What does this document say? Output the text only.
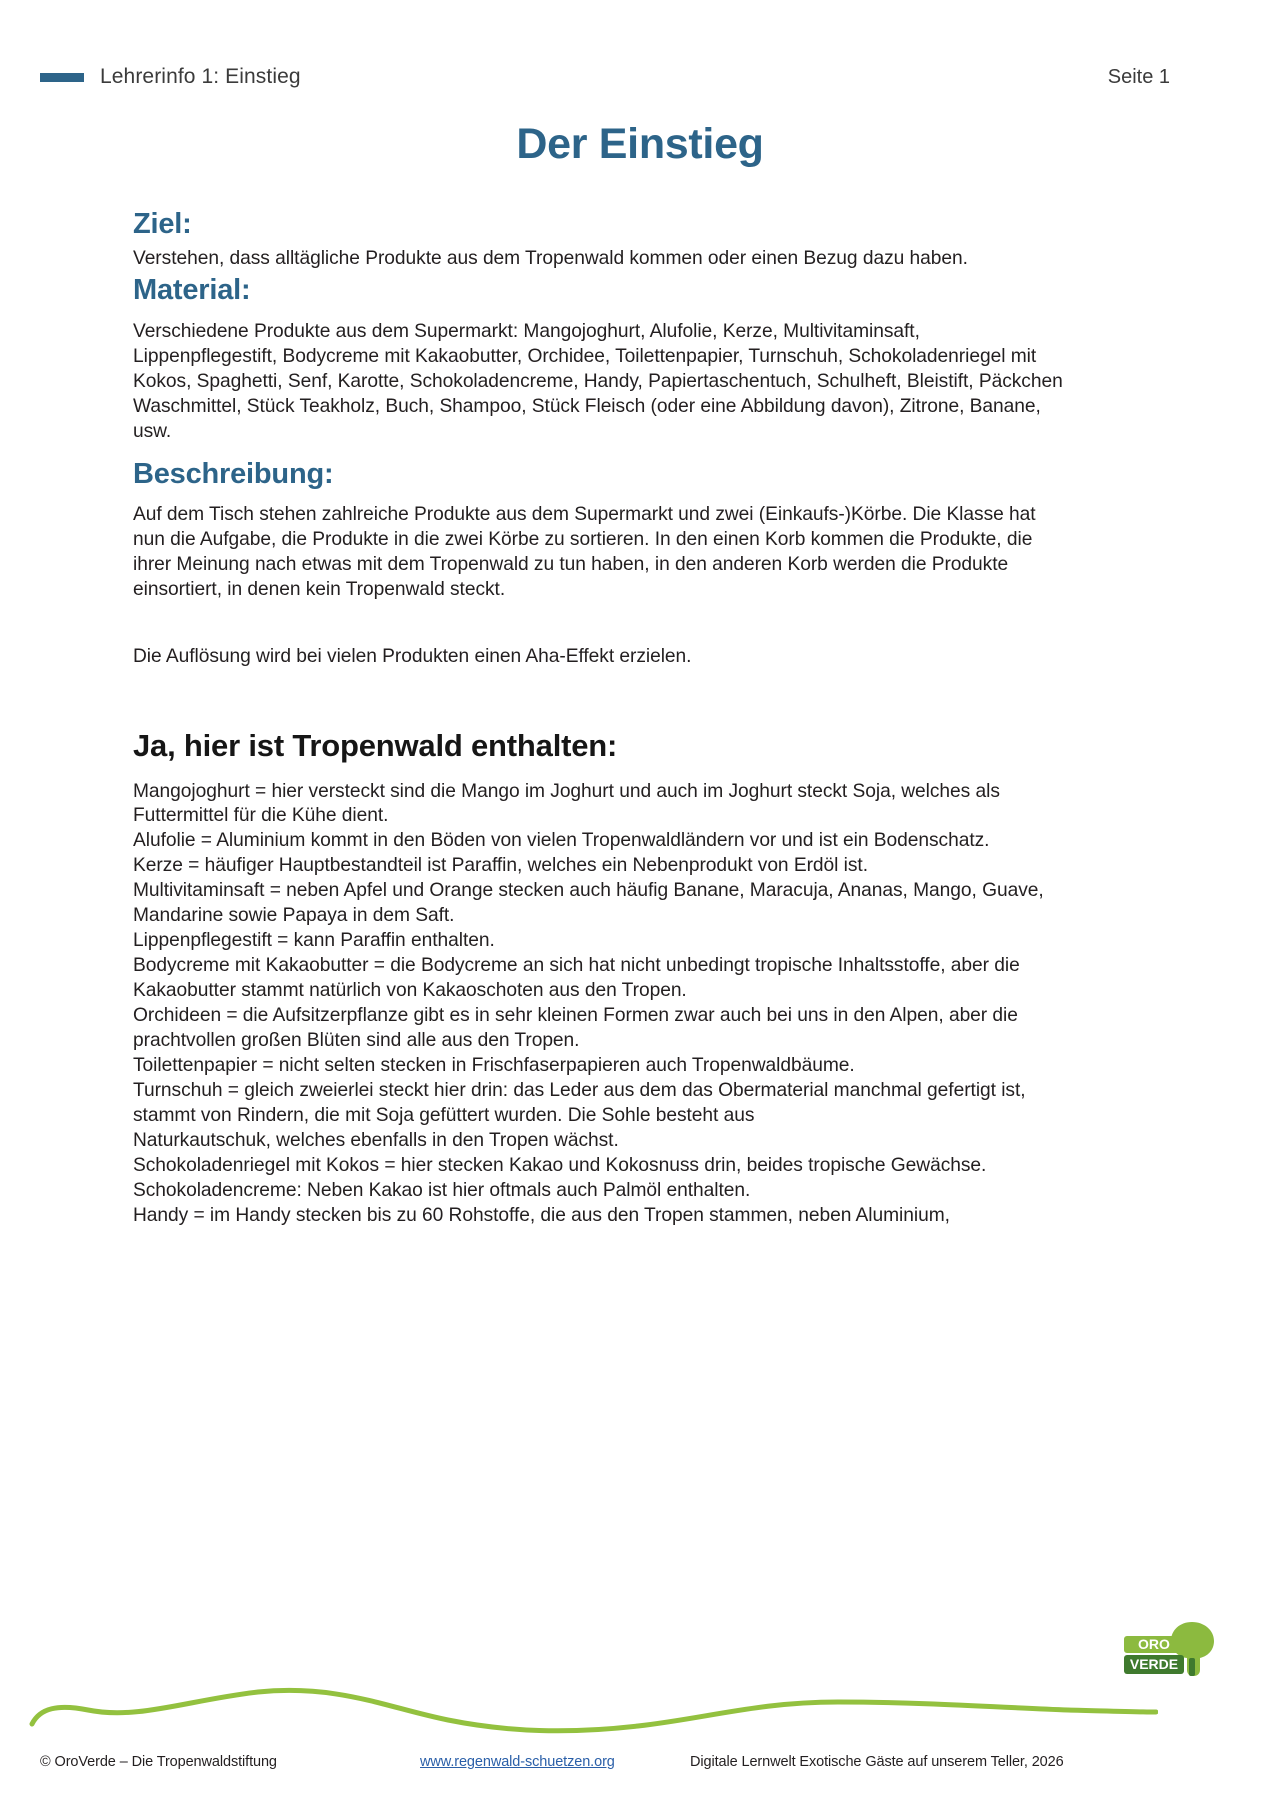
Lehrerinfo 1: Einstieg	Seite 1
Der Einstieg
Ziel:

Verstehen, dass alltägliche Produkte aus dem Tropenwald kommen oder einen Bezug dazu haben.

Material:

Verschiedene Produkte aus dem Supermarkt: Mangojoghurt, Alufolie, Kerze, Multivitaminsaft, Lippenpflegestift, Bodycreme mit Kakaobutter, Orchidee, Toilettenpapier, Turnschuh, Schokoladenriegel mit Kokos, Spaghetti, Senf, Karotte, Schokoladencreme, Handy, Papiertaschentuch, Schulheft, Bleistift, Päckchen Waschmittel, Stück Teakholz, Buch, Shampoo, Stück Fleisch (oder eine Abbildung davon), Zitrone, Banane, usw.

Beschreibung:

Auf dem Tisch stehen zahlreiche Produkte aus dem Supermarkt und zwei (Einkaufs-)Körbe. Die Klasse hat nun die Aufgabe, die Produkte in die zwei Körbe zu sortieren. In den einen Korb kommen die Produkte, die ihrer Meinung nach etwas mit dem Tropenwald zu tun haben, in den anderen Korb werden die Produkte einsortiert, in denen kein Tropenwald steckt.

Die Auflösung wird bei vielen Produkten einen Aha-Effekt erzielen.

Ja, hier ist Tropenwald enthalten:

Mangojoghurt = hier versteckt sind die Mango im Joghurt und auch im Joghurt steckt Soja, welches als Futtermittel für die Kühe dient.

Alufolie = Aluminium kommt in den Böden von vielen Tropenwaldländern vor und ist ein Bodenschatz.

Kerze = häufiger Hauptbestandteil ist Paraffin, welches ein Nebenprodukt von Erdöl ist.

Multivitaminsaft = neben Apfel und Orange stecken auch häufig Banane, Maracuja, Ananas, Mango, Guave, Mandarine sowie Papaya in dem Saft.

Lippenpflegestift = kann Paraffin enthalten.

Bodycreme mit Kakaobutter = die Bodycreme an sich hat nicht unbedingt tropische Inhaltsstoffe, aber die Kakaobutter stammt natürlich von Kakaoschoten aus den Tropen.

Orchideen = die Aufsitzerpflanze gibt es in sehr kleinen Formen zwar auch bei uns in den Alpen, aber die prachtvollen großen Blüten sind alle aus den Tropen.

Toilettenpapier = nicht selten stecken in Frischfaserpapieren auch Tropenwaldbäume.

Turnschuh = gleich zweierlei steckt hier drin: das Leder aus dem das Obermaterial manchmal gefertigt ist, stammt von Rindern, die mit Soja gefüttert wurden. Die Sohle besteht aus

Naturkautschuk, welches ebenfalls in den Tropen wächst.

Schokoladenriegel mit Kokos = hier stecken Kakao und Kokosnuss drin, beides tropische Gewächse.

Schokoladencreme: Neben Kakao ist hier oftmals auch Palmöl enthalten.

Handy = im Handy stecken bis zu 60 Rohstoffe, die aus den Tropen stammen, neben Aluminium,

ORO
VERDE
© OroVerde – Die Tropenwaldstiftung	www.regenwald-schuetzen.org	Digitale Lernwelt Exotische Gäste auf unserem Teller, 2026
